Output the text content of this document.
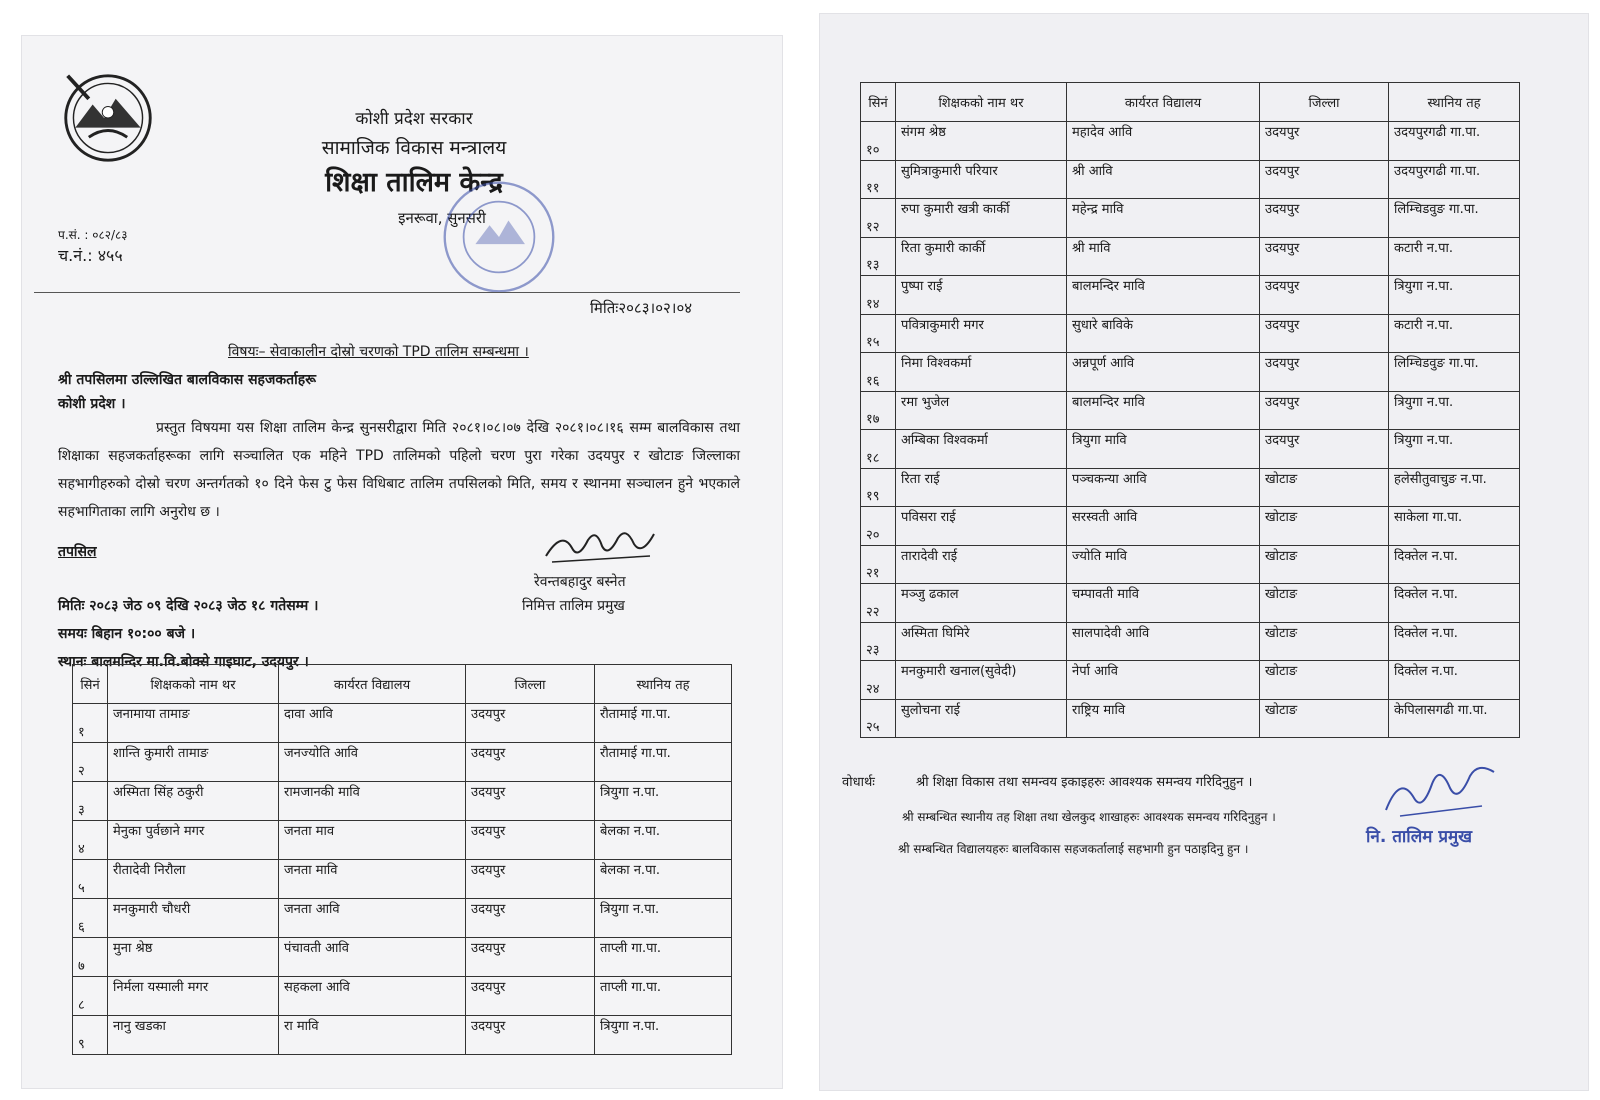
कोशी प्रदेश सरकार
सामाजिक विकास मन्त्रालय
शिक्षा तालिम केन्द्र
इनरूवा, सुनसरी
प.सं. : ०८२/८३
च.नं.: ४५५
मितिः२०८३।०२।०४
विषयः– सेवाकालीन दोस्रो चरणको TPD तालिम सम्बन्धमा ।
श्री तपसिलमा उल्लिखित बालविकास सहजकर्ताहरू
कोशी प्रदेश ।
प्रस्तुत विषयमा यस शिक्षा तालिम केन्द्र सुनसरीद्वारा मिति २०८१।०८।०७ देखि २०८१।०८।१६ सम्म बालविकास तथा शिक्षाका सहजकर्ताहरूका लागि सञ्चालित एक महिने TPD तालिमको पहिलो चरण पुरा गरेका उदयपुर र खोटाङ जिल्लाका सहभागीहरुको दोस्रो चरण अन्तर्गतको १० दिने फेस टु फेस विधिबाट तालिम तपसिलको मिति, समय र स्थानमा सञ्चालन हुने भएकाले सहभागिताका लागि अनुरोध छ ।
तपसिल
रेवन्तबहादुर बस्नेत
निमित्त तालिम प्रमुख
मितिः २०८३ जेठ ०९ देखि २०८३ जेठ १८ गतेसम्म ।
समयः बिहान १०:०० बजे ।
स्थानः बालमन्दिर मा.वि.बोक्से गाइघाट, उदयपुर ।
सिनं	शिक्षकको नाम थर	कार्यरत विद्यालय	जिल्ला	स्थानिय तह
१	जनामाया तामाङ	दावा आवि	उदयपुर	रौतामाई गा.पा.
२	शान्ति कुमारी तामाङ	जनज्योति आवि	उदयपुर	रौतामाई गा.पा.
३	अस्मिता सिंह ठकुरी	रामजानकी मावि	उदयपुर	त्रियुगा न.पा.
४	मेनुका पुर्वछाने मगर	जनता माव	उदयपुर	बेलका न.पा.
५	रीतादेवी निरौला	जनता मावि	उदयपुर	बेलका न.पा.
६	मनकुमारी चौधरी	जनता आवि	उदयपुर	त्रियुगा न.पा.
७	मुना श्रेष्ठ	पंचावती आवि	उदयपुर	ताप्ली गा.पा.
८	निर्मला यस्माली मगर	सहकला आवि	उदयपुर	ताप्ली गा.पा.
९	नानु खडका	रा मावि	उदयपुर	त्रियुगा न.पा.
सिनं	शिक्षकको नाम थर	कार्यरत विद्यालय	जिल्ला	स्थानिय तह
१०	संगम श्रेष्ठ	महादेव आवि	उदयपुर	उदयपुरगढी गा.पा.
११	सुमित्राकुमारी परियार	श्री आवि	उदयपुर	उदयपुरगढी गा.पा.
१२	रुपा कुमारी खत्री कार्की	महेन्द्र मावि	उदयपुर	लिम्चिडवुङ गा.पा.
१३	रिता कुमारी कार्की	श्री मावि	उदयपुर	कटारी न.पा.
१४	पुष्पा राई	बालमन्दिर मावि	उदयपुर	त्रियुगा न.पा.
१५	पवित्राकुमारी मगर	सुधारे बाविके	उदयपुर	कटारी न.पा.
१६	निमा विश्वकर्मा	अन्नपूर्ण आवि	उदयपुर	लिम्चिडवुङ गा.पा.
१७	रमा भुजेल	बालमन्दिर मावि	उदयपुर	त्रियुगा न.पा.
१८	अम्बिका विश्वकर्मा	त्रियुगा मावि	उदयपुर	त्रियुगा न.पा.
१९	रिता राई	पञ्चकन्या आवि	खोटाङ	हलेसीतुवाचुङ न.पा.
२०	पविसरा राई	सरस्वती आवि	खोटाङ	साकेला गा.पा.
२१	तारादेवी राई	ज्योति मावि	खोटाङ	दिक्तेल न.पा.
२२	मञ्जु ढकाल	चम्पावती मावि	खोटाङ	दिक्तेल न.पा.
२३	अस्मिता घिमिरे	सालपादेवी आवि	खोटाङ	दिक्तेल न.पा.
२४	मनकुमारी खनाल(सुवेदी)	नेर्पा आवि	खोटाङ	दिक्तेल न.पा.
२५	सुलोचना राई	राष्ट्रिय मावि	खोटाङ	केपिलासगढी गा.पा.
वोधार्थः	श्री शिक्षा विकास तथा समन्वय इकाइहरुः आवश्यक समन्वय गरिदिनुहुन ।
श्री सम्बन्धित स्थानीय तह शिक्षा तथा खेलकुद शाखाहरुः आवश्यक समन्वय गरिदिनुहुन ।
श्री सम्बन्धित विद्यालयहरुः बालविकास सहजकर्तालाई सहभागी हुन पठाइदिनु हुन ।
नि. तालिम प्रमुख
